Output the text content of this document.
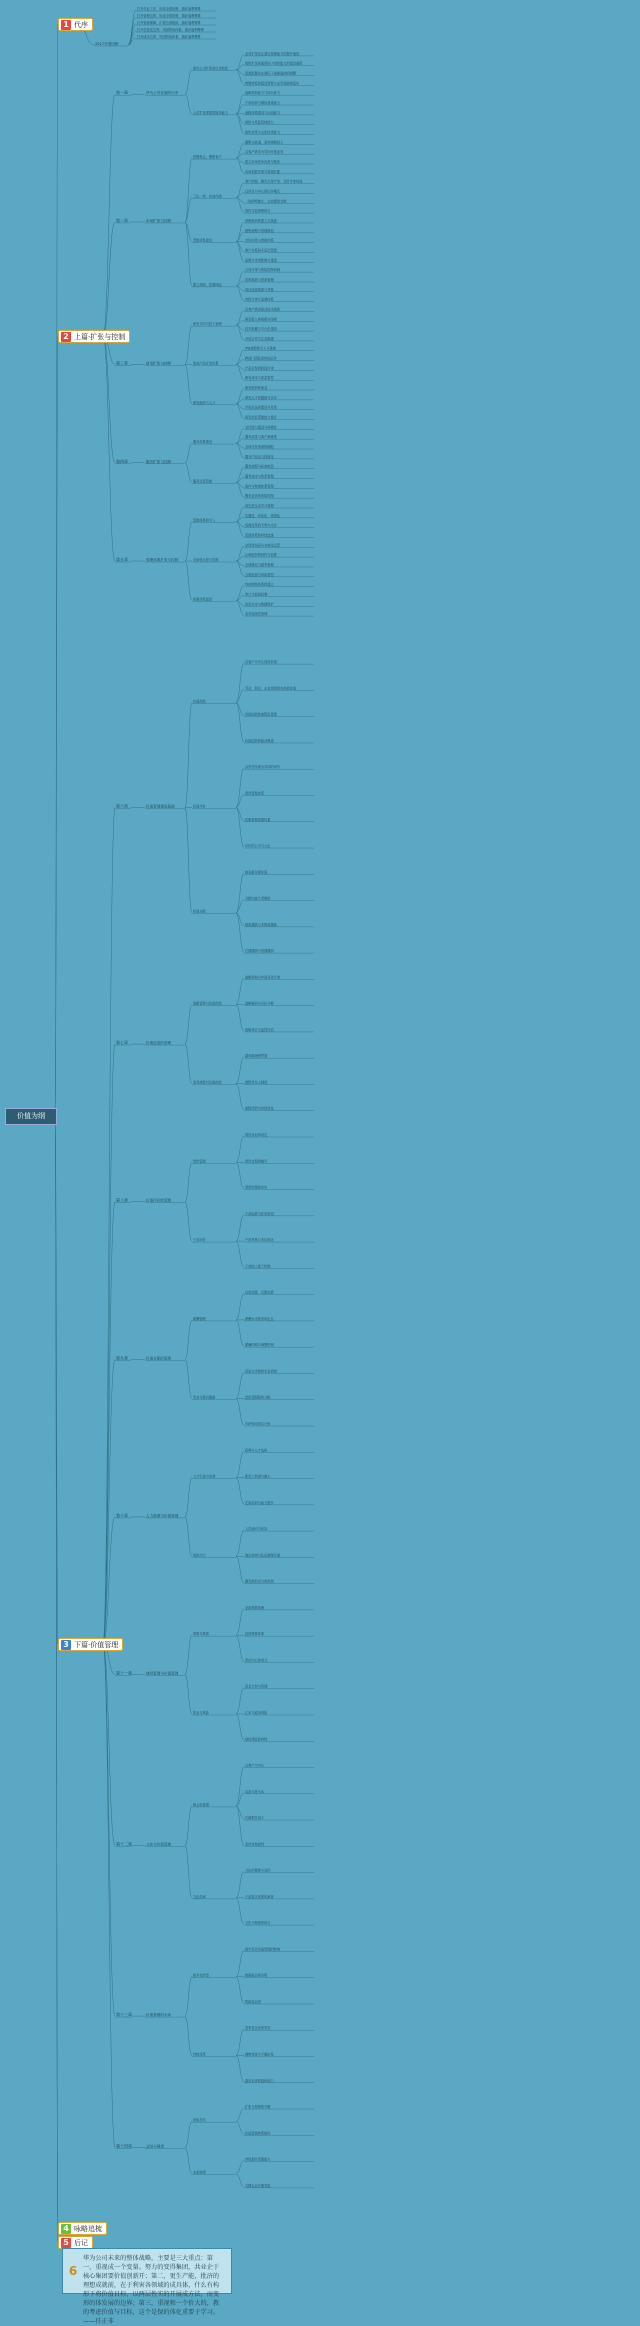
2017年度回顾
打开作业工作，形成全国视野，搞好福利筹算
打开管理边界，形成全国视野，搞好福利筹算
打开资源保障，扩展总部格局，搞好福利筹算
打开信息化边界，巩固防线体系，搞好福利筹算
打开成本边界，巩固防线体系，搞好福利筹算
第一章	华为公司发展的历史
研究公司扩张的历史经验
业务扩张往往超过管理能力的提升速度
组织扩张的速度快于组织能力的建设速度
资源配置往往滞后于战略选择的调整
控制体系的建设需要与业务发展相适应
公司扩张需要的组织能力
战略规划能力与执行能力
干部培养与梯队建设能力
流程体系建设与运营能力
财经与风险管控能力
组织变革与文化传承能力
第二章	市场扩张与控制
把握机会，聚焦客户
聚焦主航道，坚持战略投入
以客户需求为导向开展业务
建立市场竞争优势与壁垒
市场拓展节奏与资源匹配
三位一体，协同作战
客户经理、解决方案专家、交付专家协同
以项目为中心的运作模式
一线呼唤炮火，总部提供支撑
授权与监督相结合
营销体系建设
营销组织的建立与演进
销售流程与管理规范
市场信息与情报体系
客户关系的多层次管理
品牌与市场影响力建设
建立规则，控制风险
合同评审与风险控制机制
应收账款与回款管理
项目经营核算与考核
内控与审计监督体系
第三章	研发扩张与控制
研发方向与投入管理
以客户需求驱动技术创新
研发投入的规模与结构
技术积累与平台化建设
开放合作与生态构建
集成产品开发体系
IPD流程的引入与落地
跨部门团队的协同运作
产品开发的阶段评审
研发成本与质量管控
研发组织与人才
研发组织的演变
研发人才的激励与评价
专家队伍的建设与传承
研发项目管理能力提升
第四章	服务扩张与控制
服务体系建设
交付能力建设与规模化
服务质量与客户满意度
全球交付资源的调配
服务产品化与经营化
服务运营管理
服务流程与标准规范
服务成本与效率管理
备件与物流体系管理
服务业务的风险控制
第五章	管理体系扩张与控制
管理体系的引入
向先进企业学习管理
先僵化、后优化、再固化
管理变革的节奏与方法
管理体系的持续改进
全球化运营与控制
全球化布局与本地化运营
区域组织的授权与监督
全球财经与税务管理
合规经营与风险管控
控制体系建设
内部控制体系的建立
审计与监督机制
信息安全与数据保护
业务连续性管理
第六章	价值管理理论基础
价值创造
以客户为中心创造价值
劳动、知识、企业家和资本创造价值
价值创造的流程化管理
价值创造的驱动要素
价值评价
以责任结果为导向的评价
绩效管理体系
任职资格管理体系
评价的公平与公正
价值分配
按贡献分配价值
分配向奋斗者倾斜
物质激励与非物质激励
长期激励与短期激励
第七章	价值创造的管理
战略管理与价值创造
战略规划与年度业务计划
战略解码与目标分解
战略执行与监控评估
业务流程与价值创造
端到端流程贯通
流程责任人制度
流程绩效与持续优化
第八章	价值评价的管理
绩效管理
绩效目标的设定
绩效过程的辅导
绩效结果的应用
干部评价
干部标准与任用原则
干部考核与末位淘汰
干部能上能下机制
第九章	价值分配的管理
薪酬管理
以岗定级、以级定薪
薪酬水平的市场定位
薪酬结构与调整机制
奖金与股权激励
获取分享制的奖金机制
虚拟受限股的分配
TUP时间单位计划
第十章	人力资源与价值管理
人才引进与培养
招聘与人才选拔
新员工培训与融入
在岗培训与能力提升
组织活力
人员流动与轮岗
淘汰机制与队伍新陈代谢
激发组织活力的机制
第十一章	财经管理与价值管理
预算与核算
全面预算管理
经营核算体系
责任中心的划分
资金与风险
资金计划与管理
汇率与税务风险
财经风险的内控
第十二章	文化与价值管理
核心价值观
以客户为中心
以奋斗者为本
长期艰苦奋斗
坚持自我批判
文化传承
文化的提炼与宣传
干部是文化的传承者
文化与制度的结合
第十三章	价值管理的未来
数字化转型
数字化对价值管理的影响
数据驱动的决策
智能化运营
持续变革
变革是企业的常态
拥抱变化与不确定性
面向未来的组织能力
第十四章	总结与展望
经验总结
扩张与控制的平衡
价值管理的系统性
未来展望
持续提升管理能力
支撑企业长期发展
价值为纲
1 代序
2 上篇·扩张与控制
3 下篇·价值管理
4 咏略追梳
5 后记
6
华为公司未来的整体战略，主要是三大重点：第一，重视成一个变量。努力的变得集团，共业企于核心集团要价值创新开；第二，更生产能，批济的理想成就前，在于利害各领域的成具体，什么有构形下将价值目标，以两层性实的开展成方法，而变形的体发展的边界；第三，重视和一个价大的，教的考虑价值与目标，这个是保的体化重要于学习。——任正非
